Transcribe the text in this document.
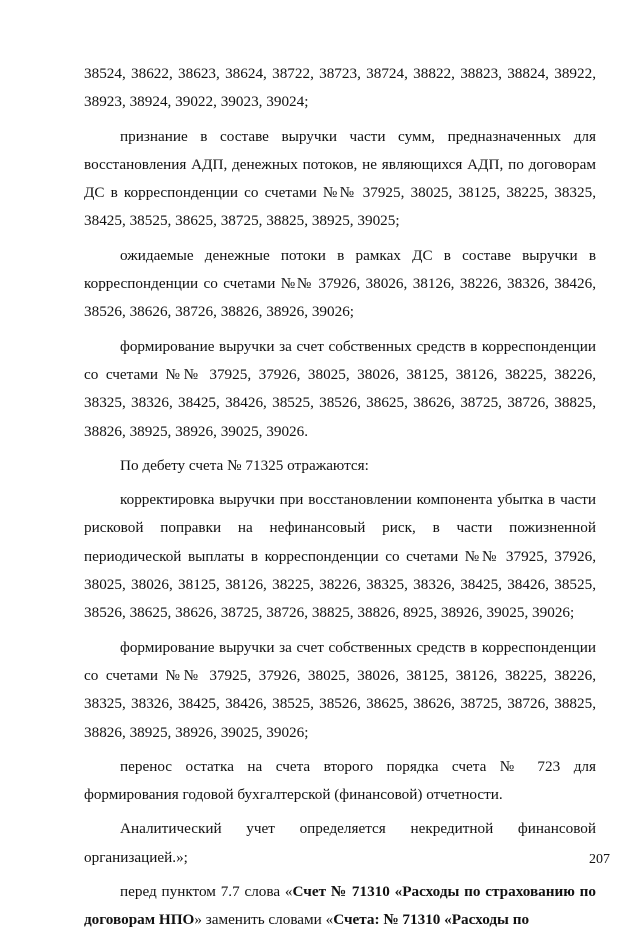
38524, 38622, 38623, 38624, 38722, 38723, 38724, 38822, 38823, 38824, 38922, 38923, 38924, 39022, 39023, 39024;

признание в составе выручки части сумм, предназначенных для восстановления АДП, денежных потоков, не являющихся АДП, по договорам ДС в корреспонденции со счетами №№ 37925, 38025, 38125, 38225, 38325, 38425, 38525, 38625, 38725, 38825, 38925, 39025;

ожидаемые денежные потоки в рамках ДС в составе выручки в корреспонденции со счетами №№ 37926, 38026, 38126, 38226, 38326, 38426, 38526, 38626, 38726, 38826, 38926, 39026;

формирование выручки за счет собственных средств в корреспонденции со счетами №№ 37925, 37926, 38025, 38026, 38125, 38126, 38225, 38226, 38325, 38326, 38425, 38426, 38525, 38526, 38625, 38626, 38725, 38726, 38825, 38826, 38925, 38926, 39025, 39026.

По дебету счета № 71325 отражаются:

корректировка выручки при восстановлении компонента убытка в части рисковой поправки на нефинансовый риск, в части пожизненной периодической выплаты в корреспонденции со счетами №№ 37925, 37926, 38025, 38026, 38125, 38126, 38225, 38226, 38325, 38326, 38425, 38426, 38525, 38526, 38625, 38626, 38725, 38726, 38825, 38826, 8925, 38926, 39025, 39026;

формирование выручки за счет собственных средств в корреспонденции со счетами №№ 37925, 37926, 38025, 38026, 38125, 38126, 38225, 38226, 38325, 38326, 38425, 38426, 38525, 38526, 38625, 38626, 38725, 38726, 38825, 38826, 38925, 38926, 39025, 39026;

перенос остатка на счета второго порядка счета № 723 для формирования годовой бухгалтерской (финансовой) отчетности.

Аналитический учет определяется некредитной финансовой организацией.»;

перед пунктом 7.7 слова «Счет № 71310 «Расходы по страхованию по договорам НПО» заменить словами «Счета: № 71310 «Расходы по

207
